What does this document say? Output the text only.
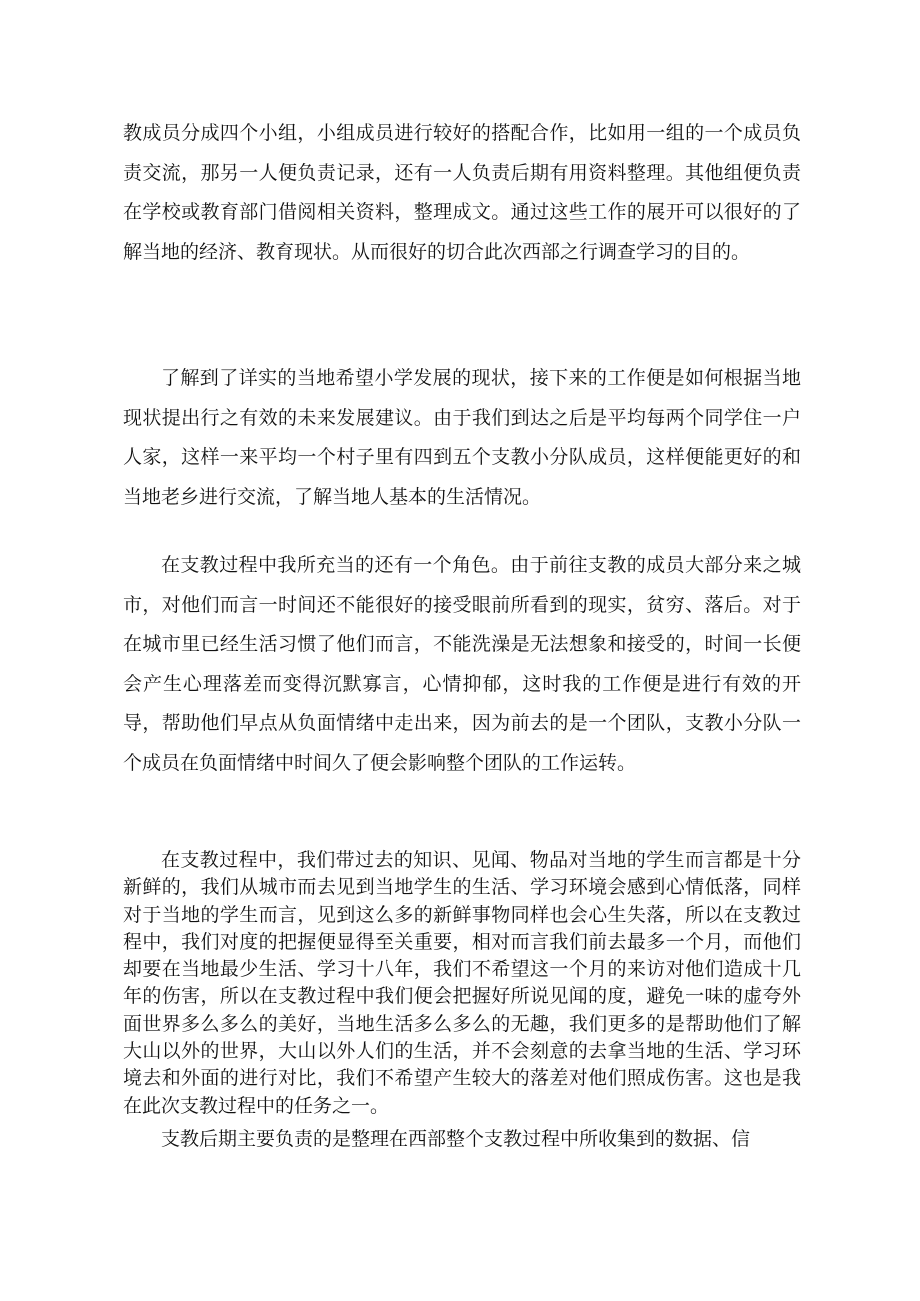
教成员分成四个小组，小组成员进行较好的搭配合作，比如用一组的一个成员负责交流，那另一人便负责记录，还有一人负责后期有用资料整理。其他组便负责在学校或教育部门借阅相关资料，整理成文。通过这些工作的展开可以很好的了解当地的经济、教育现状。从而很好的切合此次西部之行调查学习的目的。

了解到了详实的当地希望小学发展的现状，接下来的工作便是如何根据当地现状提出行之有效的未来发展建议。由于我们到达之后是平均每两个同学住一户人家，这样一来平均一个村子里有四到五个支教小分队成员，这样便能更好的和当地老乡进行交流，了解当地人基本的生活情况。

在支教过程中我所充当的还有一个角色。由于前往支教的成员大部分来之城市，对他们而言一时间还不能很好的接受眼前所看到的现实，贫穷、落后。对于在城市里已经生活习惯了他们而言，不能洗澡是无法想象和接受的，时间一长便会产生心理落差而变得沉默寡言，心情抑郁，这时我的工作便是进行有效的开导，帮助他们早点从负面情绪中走出来，因为前去的是一个团队，支教小分队一个成员在负面情绪中时间久了便会影响整个团队的工作运转。

在支教过程中，我们带过去的知识、见闻、物品对当地的学生而言都是十分新鲜的，我们从城市而去见到当地学生的生活、学习环境会感到心情低落，同样对于当地的学生而言，见到这么多的新鲜事物同样也会心生失落，所以在支教过程中，我们对度的把握便显得至关重要，相对而言我们前去最多一个月，而他们却要在当地最少生活、学习十八年，我们不希望这一个月的来访对他们造成十几年的伤害，所以在支教过程中我们便会把握好所说见闻的度，避免一味的虚夸外面世界多么多么的美好，当地生活多么多么的无趣，我们更多的是帮助他们了解大山以外的世界，大山以外人们的生活，并不会刻意的去拿当地的生活、学习环境去和外面的进行对比，我们不希望产生较大的落差对他们照成伤害。这也是我在此次支教过程中的任务之一。

支教后期主要负责的是整理在西部整个支教过程中所收集到的数据、信
